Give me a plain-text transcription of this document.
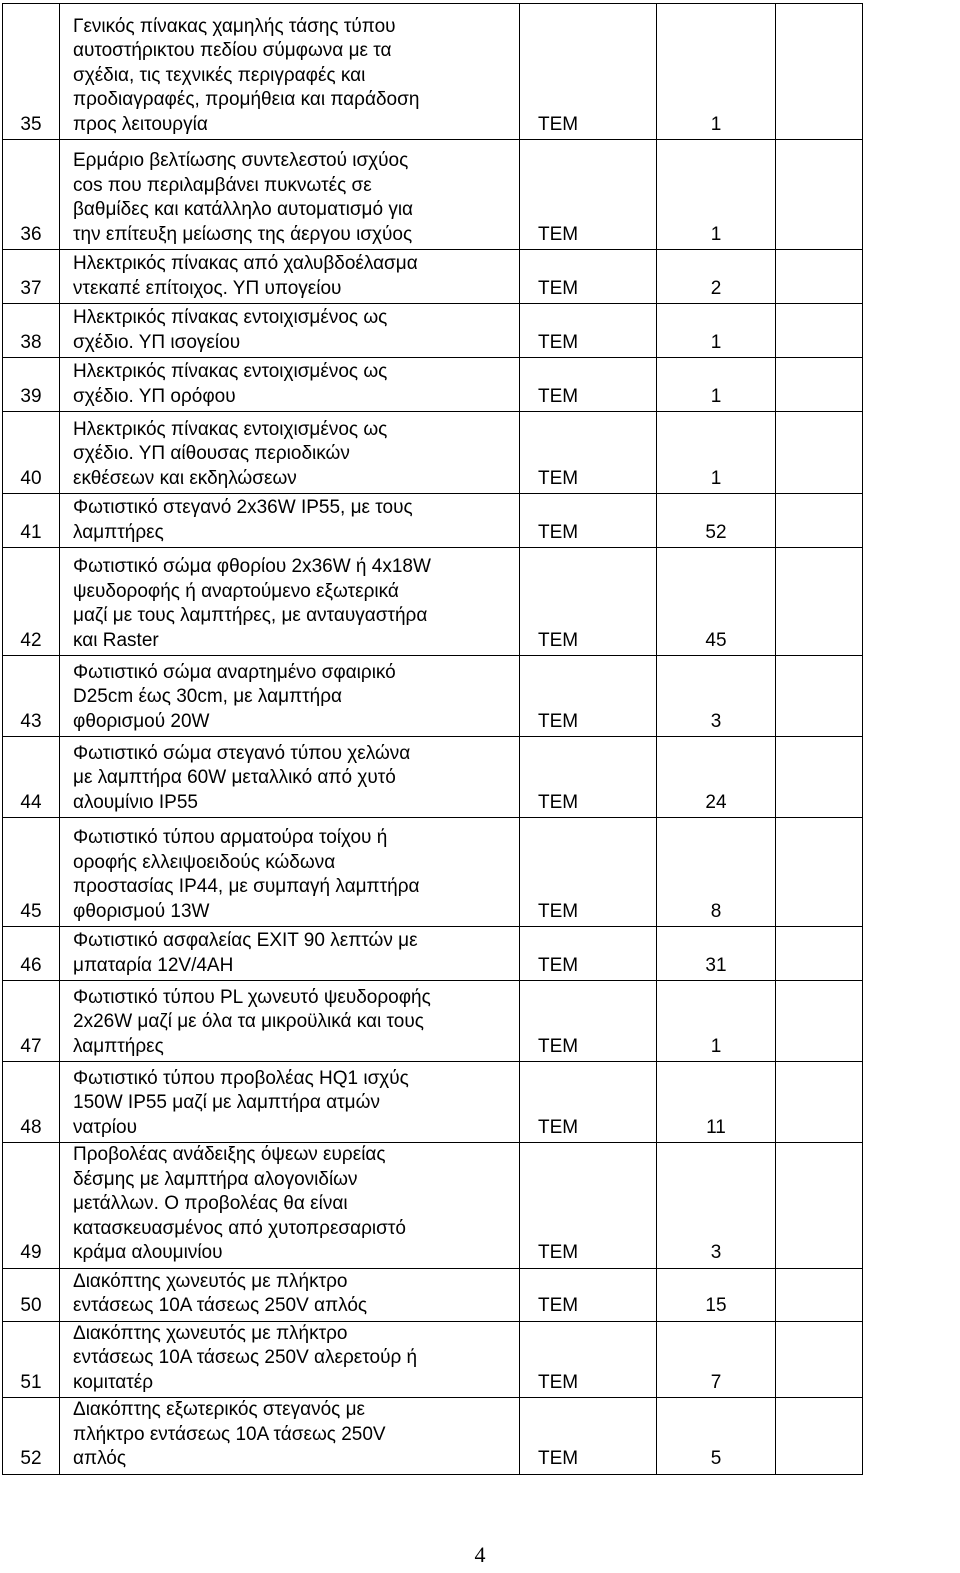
35	Γενικός πίνακας χαμηλής τάσης τύπου
αυτοστήρικτου πεδίου σύμφωνα με τα
σχέδια, τις τεχνικές περιγραφές και
προδιαγραφές, προμήθεια και παράδοση
προς λειτουργία	ΤΕΜ	1	
36	Ερμάριο βελτίωσης συντελεστού ισχύος
cos που περιλαμβάνει πυκνωτές σε
βαθμίδες και κατάλληλο αυτοματισμό για
την επίτευξη μείωσης της άεργου ισχύος	ΤΕΜ	1	
37	Ηλεκτρικός πίνακας από χαλυβδοέλασμα
ντεκαπέ επίτοιχος. ΥΠ υπογείου	ΤΕΜ	2	
38	Ηλεκτρικός πίνακας εντοιχισμένος ως
σχέδιο. ΥΠ ισογείου	ΤΕΜ	1	
39	Ηλεκτρικός πίνακας εντοιχισμένος ως
σχέδιο. ΥΠ ορόφου	ΤΕΜ	1	
40	Ηλεκτρικός πίνακας εντοιχισμένος ως
σχέδιο. ΥΠ αίθουσας περιοδικών
εκθέσεων και εκδηλώσεων	ΤΕΜ	1	
41	Φωτιστικό στεγανό 2x36W IP55, με τους
λαμπτήρες	ΤΕΜ	52	
42	Φωτιστικό σώμα φθορίου 2x36W ή 4x18W
ψευδοροφής ή αναρτούμενο εξωτερικά
μαζί με τους λαμπτήρες, με ανταυγαστήρα
και Raster	ΤΕΜ	45	
43	Φωτιστικό σώμα αναρτημένο σφαιρικό
D25cm έως 30cm, με λαμπτήρα
φθορισμού 20W	ΤΕΜ	3	
44	Φωτιστικό σώμα στεγανό τύπου χελώνα
με λαμπτήρα 60W μεταλλικό από χυτό
αλουμίνιο IP55	ΤΕΜ	24	
45	Φωτιστικό τύπου αρματούρα τοίχου ή
οροφής ελλειψοειδούς κώδωνα
προστασίας IP44, με συμπαγή λαμπτήρα
φθορισμού 13W	ΤΕΜ	8	
46	Φωτιστικό ασφαλείας EXIT 90 λεπτών με
μπαταρία 12V/4AH	ΤΕΜ	31	
47	Φωτιστικό τύπου PL χωνευτό ψευδοροφής
2x26W μαζί με όλα τα μικροϋλικά και τους
λαμπτήρες	ΤΕΜ	1	
48	Φωτιστικό τύπου προβολέας HQ1 ισχύς
150W IP55 μαζί με λαμπτήρα ατμών
νατρίου	ΤΕΜ	11	
49	Προβολέας ανάδειξης όψεων ευρείας
δέσμης με λαμπτήρα αλογονιδίων
μετάλλων. Ο προβολέας θα είναι
κατασκευασμένος από χυτοπρεσαριστό
κράμα αλουμινίου	ΤΕΜ	3	
50	Διακόπτης χωνευτός με πλήκτρο
εντάσεως 10Α τάσεως 250V απλός	ΤΕΜ	15	
51	Διακόπτης χωνευτός με πλήκτρο
εντάσεως 10Α τάσεως 250V αλερετούρ ή
κομιτατέρ	ΤΕΜ	7	
52	Διακόπτης εξωτερικός στεγανός με
πλήκτρο εντάσεως 10Α τάσεως 250V
απλός	ΤΕΜ	5	
4
